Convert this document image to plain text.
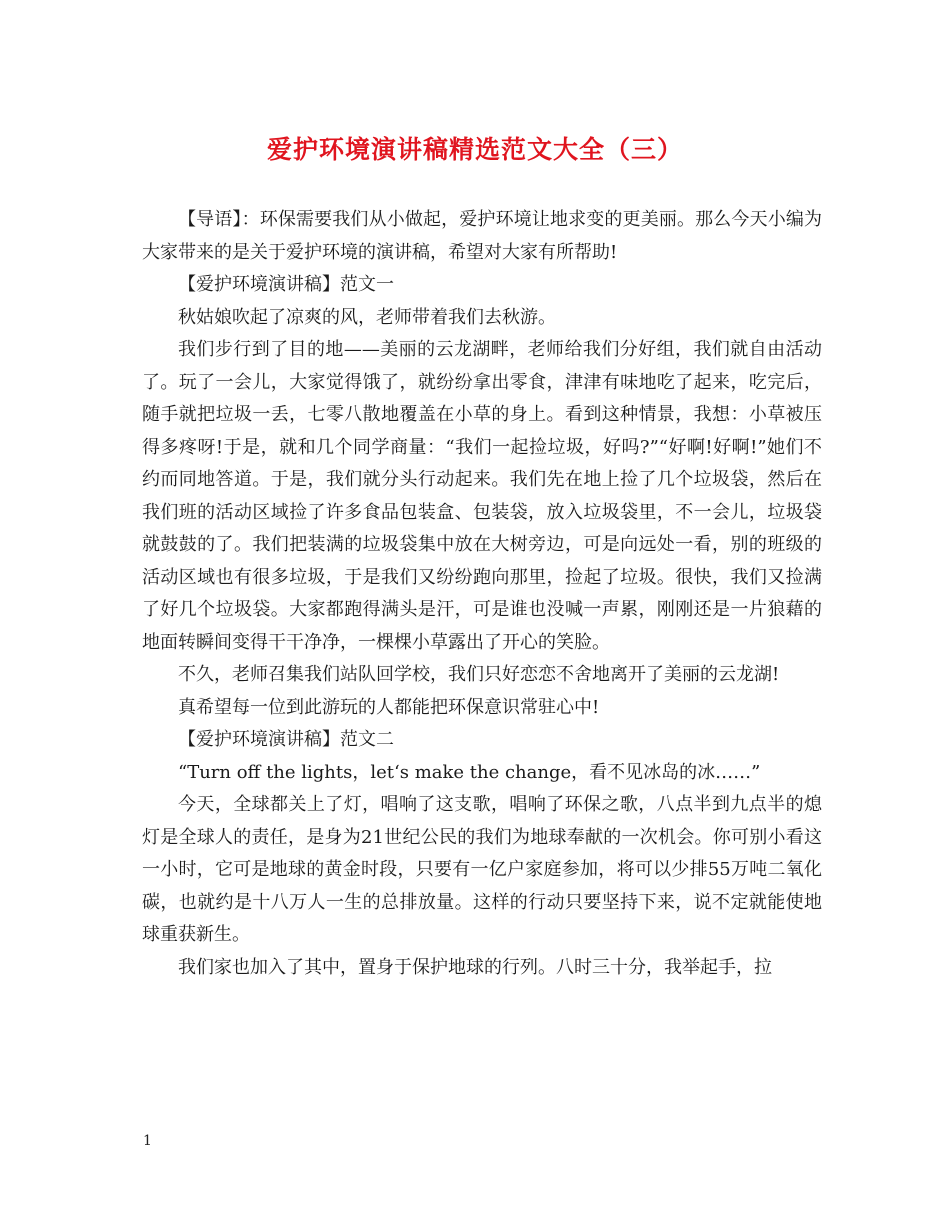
爱护环境演讲稿精选范文大全（三）

【导语】：环保需要我们从小做起，爱护环境让地求变的更美丽。那么今天小编为大家带来的是关于爱护环境的演讲稿，希望对大家有所帮助!

【爱护环境演讲稿】范文一

秋姑娘吹起了凉爽的风，老师带着我们去秋游。

我们步行到了目的地——美丽的云龙湖畔，老师给我们分好组，我们就自由活动了。玩了一会儿，大家觉得饿了，就纷纷拿出零食，津津有味地吃了起来，吃完后，随手就把垃圾一丢，七零八散地覆盖在小草的身上。看到这种情景，我想：小草被压得多疼呀!于是，就和几个同学商量：“我们一起捡垃圾，好吗?”“好啊!好啊!”她们不约而同地答道。于是，我们就分头行动起来。我们先在地上捡了几个垃圾袋，然后在我们班的活动区域捡了许多食品包装盒、包装袋，放入垃圾袋里，不一会儿，垃圾袋就鼓鼓的了。我们把装满的垃圾袋集中放在大树旁边，可是向远处一看，别的班级的活动区域也有很多垃圾，于是我们又纷纷跑向那里，捡起了垃圾。很快，我们又捡满了好几个垃圾袋。大家都跑得满头是汗，可是谁也没喊一声累，刚刚还是一片狼藉的地面转瞬间变得干干净净，一棵棵小草露出了开心的笑脸。

不久，老师召集我们站队回学校，我们只好恋恋不舍地离开了美丽的云龙湖!

真希望每一位到此游玩的人都能把环保意识常驻心中!

【爱护环境演讲稿】范文二

“Turn off the lights，let‘s make the change，看不见冰岛的冰……”

今天，全球都关上了灯，唱响了这支歌，唱响了环保之歌，八点半到九点半的熄灯是全球人的责任，是身为21世纪公民的我们为地球奉献的一次机会。你可别小看这一小时，它可是地球的黄金时段，只要有一亿户家庭参加，将可以少排55万吨二氧化碳，也就约是十八万人一生的总排放量。这样的行动只要坚持下来，说不定就能使地球重获新生。

我们家也加入了其中，置身于保护地球的行列。八时三十分，我举起手，拉

1
